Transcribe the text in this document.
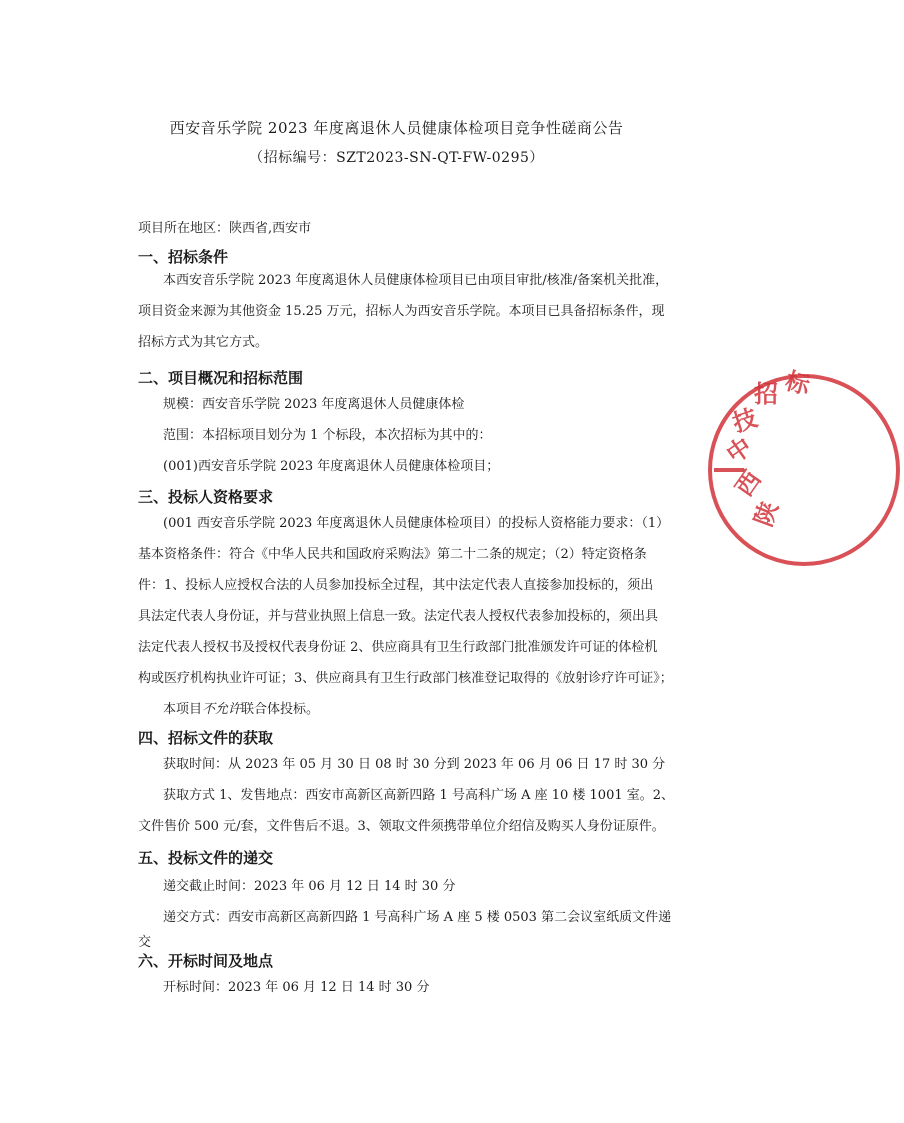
西安音乐学院 2023 年度离退休人员健康体检项目竞争性磋商公告
（招标编号：SZT2023-SN-QT-FW-0295）
项目所在地区：陕西省,西安市
一、招标条件
本西安音乐学院 2023 年度离退休人员健康体检项目已由项目审批/核准/备案机关批准，
项目资金来源为其他资金 15.25 万元，招标人为西安音乐学院。本项目已具备招标条件，现
招标方式为其它方式。
二、项目概况和招标范围
规模：西安音乐学院 2023 年度离退休人员健康体检
范围：本招标项目划分为 1 个标段，本次招标为其中的：
(001)西安音乐学院 2023 年度离退休人员健康体检项目；
三、投标人资格要求
(001 西安音乐学院 2023 年度离退休人员健康体检项目）的投标人资格能力要求：（1）
基本资格条件：符合《中华人民共和国政府采购法》第二十二条的规定；（2）特定资格条
件：1、投标人应授权合法的人员参加投标全过程，其中法定代表人直接参加投标的，须出
具法定代表人身份证，并与营业执照上信息一致。法定代表人授权代表参加投标的，须出具
法定代表人授权书及授权代表身份证 2、供应商具有卫生行政部门批准颁发许可证的体检机
构或医疗机构执业许可证；3、供应商具有卫生行政部门核准登记取得的《放射诊疗许可证》；
本项目不允许联合体投标。
四、招标文件的获取
获取时间：从 2023 年 05 月 30 日 08 时 30 分到 2023 年 06 月 06 日 17 时 30 分
获取方式 1、发售地点：西安市高新区高新四路 1 号高科广场 A 座 10 楼 1001 室。2、
文件售价 500 元/套，文件售后不退。3、领取文件须携带单位介绍信及购买人身份证原件。
五、投标文件的递交
递交截止时间：2023 年 06 月 12 日 14 时 30 分
递交方式：西安市高新区高新四路 1 号高科广场 A 座 5 楼 0503 第二会议室纸质文件递
交
六、开标时间及地点
开标时间：2023 年 06 月 12 日 14 时 30 分
陕
西
中
技
招 标
